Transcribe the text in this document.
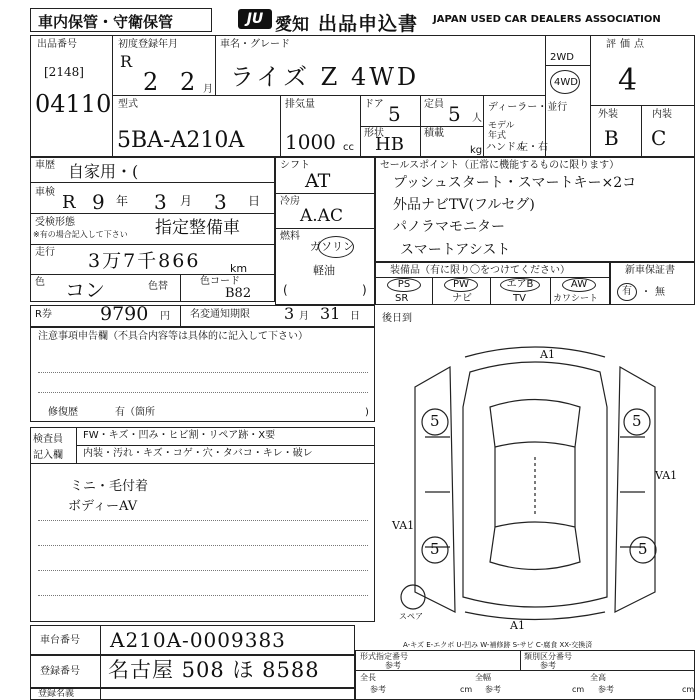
車内保管・守衛保管	JU 愛知 出品申込書 JAPAN USED CAR DEALERS ASSOCIATION
出品番号
[2148]
04110
初度登録年月
R
2 2 月
車名・グレード
ライズ Z 4WD
2WD
4WD
評価点
4
外装	内装
B C
型式
5BA-A210A
排気量
1000 cc
ドア 5 定員 5 人
形状
HB
積載
kg
ディーラー・並行
モデル年式
ハンドル
左・右
車歴 自家用・(
車検 R 9 年 3 月 3 日
受検形態
※有の場合記入して下さい 指定整備車
走行 3万7千866	km
色 コン	色替	色コード
B82
R券	9790 円 名変通知期限 3 月 31 日
シフト
AT
冷房
A.AC
燃料
ガソリン
軽油
(	)
セールスポイント（正常に機能するものに限ります）
プッシュスタート・スマートキー×2コ
外品ナビTV(フルセグ)
パノラマモニター
スマートアシスト
装備品（有に限り〇をつけてください）
PS	PW	エアB	AW
SR	ナビ	TV	カワシート
新車保証書
有 ・ 無
後日到
注意事項申告欄（不具合内容等は具体的に記入して下さい）
修復歴	有（箇所	)
検査員記入欄
FW・キズ・凹み・ヒビ割・リペア跡・X要
内装・汚れ・キズ・コゲ・穴・タバコ・キレ・破レ
ミニ・毛付着
ボディーAV
A1
VA1
VA1
A1
5	5
5	5
スペア
A-キズ E-エクボ U-凹み W-補修跡 S-サビ C-腐食 XX-交換済
車台番号 A210A-0009383
登録番号 名古屋 508 ほ 8588
登録名義
形式指定番号
参考
類別区分番号
参考
全長
参考	cm
全幅
参考	cm
全高
参考	cm
